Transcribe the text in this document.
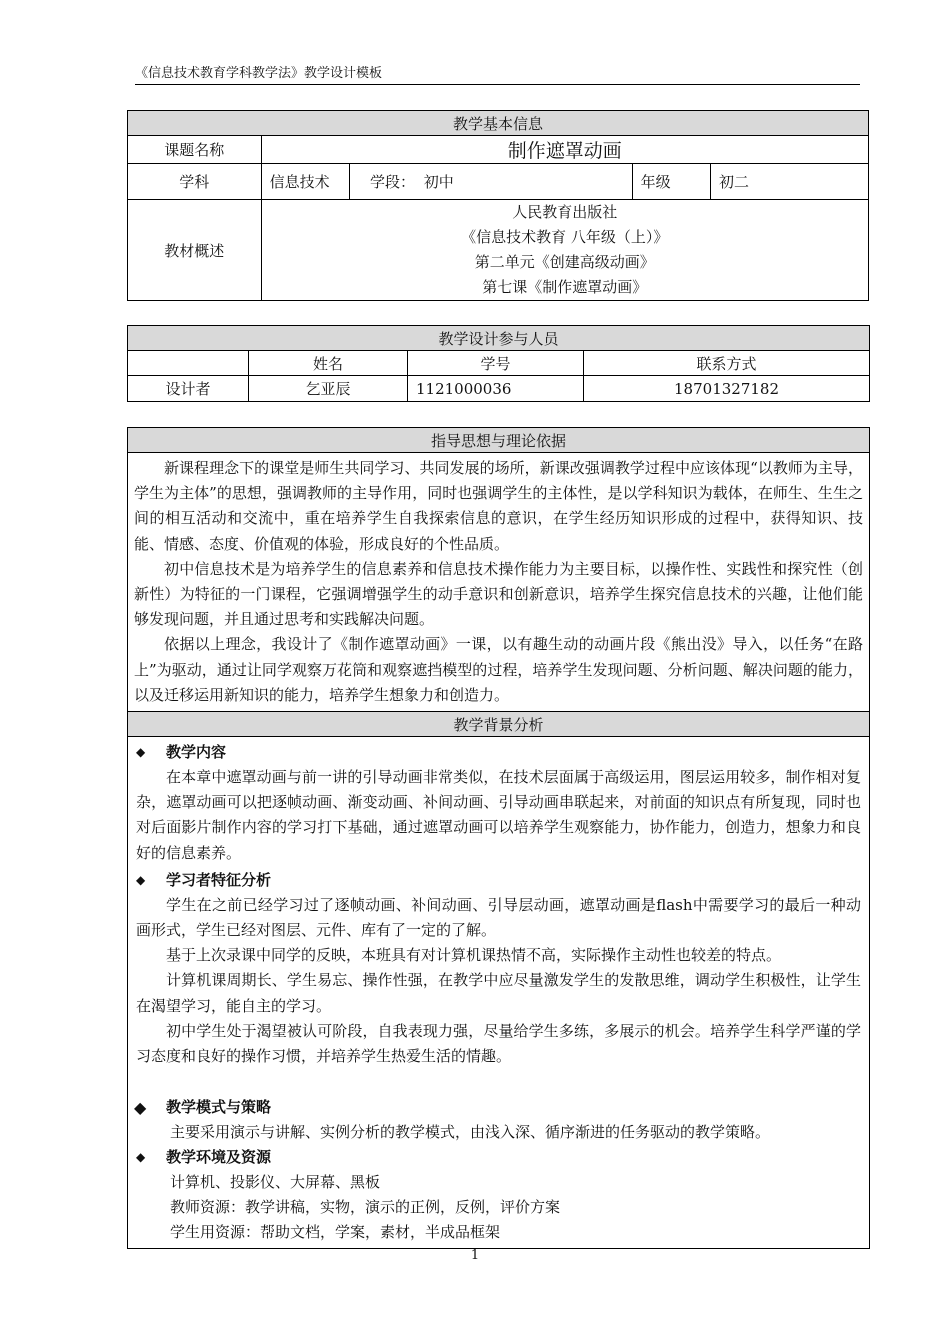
《信息技术教育学科教学法》教学设计模板
教学基本信息				
课题名称	制作遮罩动画			
学科	信息技术	学段： 初中	年级	初二
教材概述	人民教育出版社
《信息技术教育 八年级（上）》
第二单元《创建高级动画》
第七课《制作遮罩动画》			
教学设计参与人员			
	姓名	学号	联系方式
设计者	乞亚辰	1121000036	18701327182
指导思想与理论依据

新课程理念下的课堂是师生共同学习、共同发展的场所，新课改强调教学过程中应该体现“以教师为主导，学生为主体”的思想，强调教师的主导作用，同时也强调学生的主体性，是以学科知识为载体，在师生、生生之间的相互活动和交流中，重在培养学生自我探索信息的意识，在学生经历知识形成的过程中，获得知识、技能、情感、态度、价值观的体验，形成良好的个性品质。

初中信息技术是为培养学生的信息素养和信息技术操作能力为主要目标，以操作性、实践性和探究性（创新性）为特征的一门课程，它强调增强学生的动手意识和创新意识，培养学生探究信息技术的兴趣，让他们能够发现问题，并且通过思考和实践解决问题。

依据以上理念，我设计了《制作遮罩动画》一课，以有趣生动的动画片段《熊出没》导入，以任务“在路上”为驱动，通过让同学观察万花筒和观察遮挡模型的过程，培养学生发现问题、分析问题、解决问题的能力，以及迁移运用新知识的能力，培养学生想象力和创造力。

教学背景分析

◆ 教学内容

在本章中遮罩动画与前一讲的引导动画非常类似，在技术层面属于高级运用，图层运用较多，制作相对复杂，遮罩动画可以把逐帧动画、渐变动画、补间动画、引导动画串联起来，对前面的知识点有所复现，同时也对后面影片制作内容的学习打下基础，通过遮罩动画可以培养学生观察能力，协作能力，创造力，想象力和良好的信息素养。

◆ 学习者特征分析

学生在之前已经学习过了逐帧动画、补间动画、引导层动画，遮罩动画是flash中需要学习的最后一种动画形式，学生已经对图层、元件、库有了一定的了解。

基于上次录课中同学的反映，本班具有对计算机课热情不高，实际操作主动性也较差的特点。

计算机课周期长、学生易忘、操作性强，在教学中应尽量激发学生的发散思维，调动学生积极性，让学生在渴望学习，能自主的学习。

初中学生处于渴望被认可阶段，自我表现力强，尽量给学生多练，多展示的机会。培养学生科学严谨的学习态度和良好的操作习惯，并培养学生热爱生活的情趣。

◆ 教学模式与策略

主要采用演示与讲解、实例分析的教学模式，由浅入深、循序渐进的任务驱动的教学策略。

◆ 教学环境及资源

计算机、投影仪、大屏幕、黑板

教师资源：教学讲稿，实物，演示的正例，反例，评价方案

学生用资源：帮助文档，学案，素材，半成品框架

1
